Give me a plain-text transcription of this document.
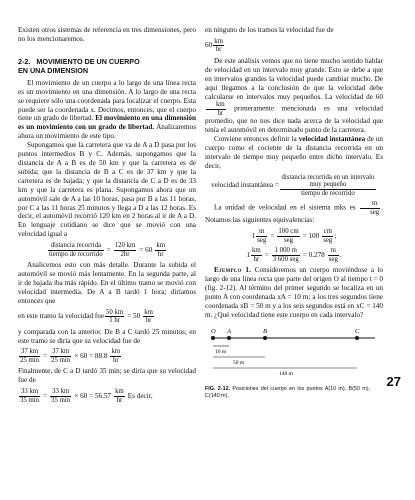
Existen otros sistemas de referencia en tres dimensiones, pero no los mencionaremos.

2-2. MOVIMIENTO DE UN CUERPO
EN UNA DIMENSION

El movimiento de un cuerpo a lo largo de una línea recta es un movimiento en una dimensión. A lo largo de una recta se requiere sólo una coordenada para localizar el cuerpo. Esta puede ser la coordenada x. Decimos, entonces, que el cuerpo tiene un grado de libertad. El movimiento en una dimensión es un movimiento con un grado de libertad. Analizaremos ahora un movimiento de este tipo.

Supongamos que la carretera que va de A a D pasa por los puntos intermedios B y C. Además, supongamos que la distancia de A a B es de 50 km y que la carretera es de subida; que la distancia de B a C es de 37 km y que la carretera es de bajada; y que la distancia de C a D es de 33 km y que la carretera es plana. Supongamos ahora que un automóvil sale de A a las 10 horas, pasa por B a las 11 horas, por C a las 11 horas 25 minutos y llega a D a las 12 horas. Es decir, el automóvil recorrió 120 km en 2 horas al ir de A a D. En lenguaje cotidiano se dice que se movió con una velocidad igual a

$\frac{\text{distancia recorrida}}{\text{tiempo de recorrido}} = \frac{120 km}{2hr} = 60 \frac{km}{hr}$

Analicemos esto con más detalle. Durante la subida el automóvil se movió más lentamente. En la segunda parte, al ir de bajada iba más rápido. En el último tramo se movió con velocidad intermedia. De A a B tardó 1 hora; diríamos entonces que

en este tramo la velocidad fue $\frac{50 km}{1 hr} = 50 \frac{km}{hr}$

y comparada con la anterior. De B a C tardó 25 minutos; en este tramo se diría que su velocidad fue de

$\frac{37 km}{25 \min} = \frac{37 km}{25 \min} \times 60 = 88.8 \frac{km}{hr}$

Finalmente, de C a D tardó 35 min; se diría que su velocidad fue de

$\frac{33 km}{35 \min} = \frac{33 km}{35 \min} \times 60 = 56.57 \frac{km}{hr}$ Es decir,

en ninguno de los tramos la velocidad fue de

$60 \frac{km}{hr}$

De este análisis vemos que no tiene mucho sentido hablar de velocidad en un intervalo muy grande. Esto se debe a que en intervalos grandes la velocidad puede cambiar mucho. De aquí llegamos a la conclusión de que la velocidad debe calcularse en intervalos muy pequeños. La velocidad de 60
$\frac{km}{hr}$ primeramente mencionada es una velocidad promedio, que no nos dice nada acerca de la velocidad que tenía el automóvil en determinado punto de la carretera.

Conviene entonces definir la velocidad instantánea de un cuerpo como el cociente de la distancia recorrida en un intervalo de tiempo muy pequeño entre dicho intervalo. Es decir,

velocidad instantánea = $\frac{\text{distancia recorrida en un intervalo muy pequeño}}{\text{tiempo de recorrido}}$

La unidad de velocidad en el sistema mks es $\frac{m}{\text{seg}}$ . Notamos las siguientes equivalencias:

$1 \frac{m}{\text{seg}} = \frac{100 cm}{\text{seg}} = 100 \frac{cm}{\text{seg}}$ ;
$1 \frac{km}{hr} = \frac{1 000 m}{\text{3 600 seg}} = 0.278 \frac{m}{\text{seg}}$ .

Ejemplo 1. Consideremos un cuerpo moviéndose a lo largo de una línea recta que parte del origen O al tiempo t = 0 (fig. 2-12). Al término del primer segundo se localiza en un punto A con coordenada xA = 10 m; a los tres segundos tiene coordenada xB = 50 m y a los seis segundos está en xC = 140 m. ¿Qué velocidad tiene este cuerpo en cada intervalo?

O A	B	C
10 m
50 m
140 m
FIG. 2-12. Posiciones del cuerpo en los puntos A(10 m), B(50 m), C(140 m).
27
